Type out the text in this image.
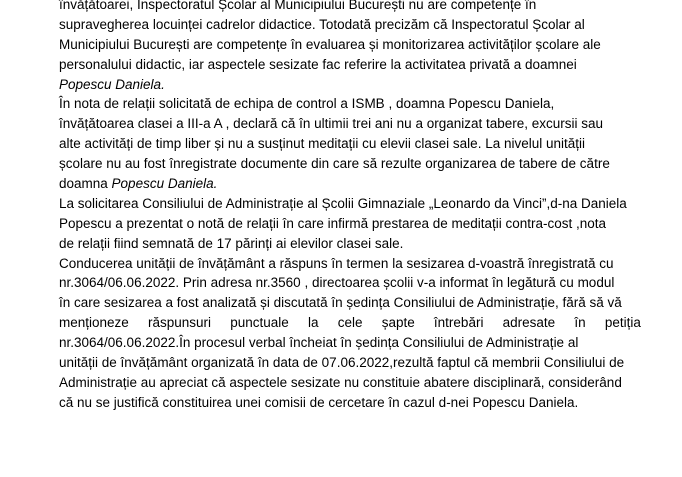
învățătoarei, Inspectoratul Școlar al Municipiului București nu are competențe în
supravegherea locuinței cadrelor didactice. Totodată precizăm că Inspectoratul Școlar al
Municipiului București are competențe în evaluarea și monitorizarea activităților școlare ale
personalului didactic, iar aspectele sesizate fac referire la activitatea privată a doamnei
Popescu Daniela.
În nota de relații solicitată de echipa de control a ISMB , doamna Popescu Daniela,
învățătoarea clasei a III-a A , declară că în ultimii trei ani nu a organizat tabere, excursii sau
alte activități de timp liber și nu a susținut meditații cu elevii clasei sale. La nivelul unității
școlare nu au fost înregistrate documente din care să rezulte organizarea de tabere de către
doamna Popescu Daniela.
La solicitarea Consiliului de Administrație al Școlii Gimnaziale „Leonardo da Vinci”,d-na Daniela
Popescu a prezentat o notă de relații în care infirmă prestarea de meditații contra-cost ,nota
de relații fiind semnată de 17 părinți ai elevilor clasei sale.
Conducerea unității de învățământ a răspuns în termen la sesizarea d-voastră înregistrată cu
nr.3064/06.06.2022. Prin adresa nr.3560 , directoarea școlii v-a informat în legătură cu modul
în care sesizarea a fost analizată și discutată în ședința Consiliului de Administrație, fără să vă
menționeze răspunsuri punctuale la cele șapte întrebări adresate în petiția
nr.3064/06.06.2022.În procesul verbal încheiat în ședința Consiliului de Administrație al
unității de învățământ organizată în data de 07.06.2022,rezultă faptul că membrii Consiliului de
Administrație au apreciat că aspectele sesizate nu constituie abatere disciplinară, considerând
că nu se justifică constituirea unei comisii de cercetare în cazul d-nei Popescu Daniela.
